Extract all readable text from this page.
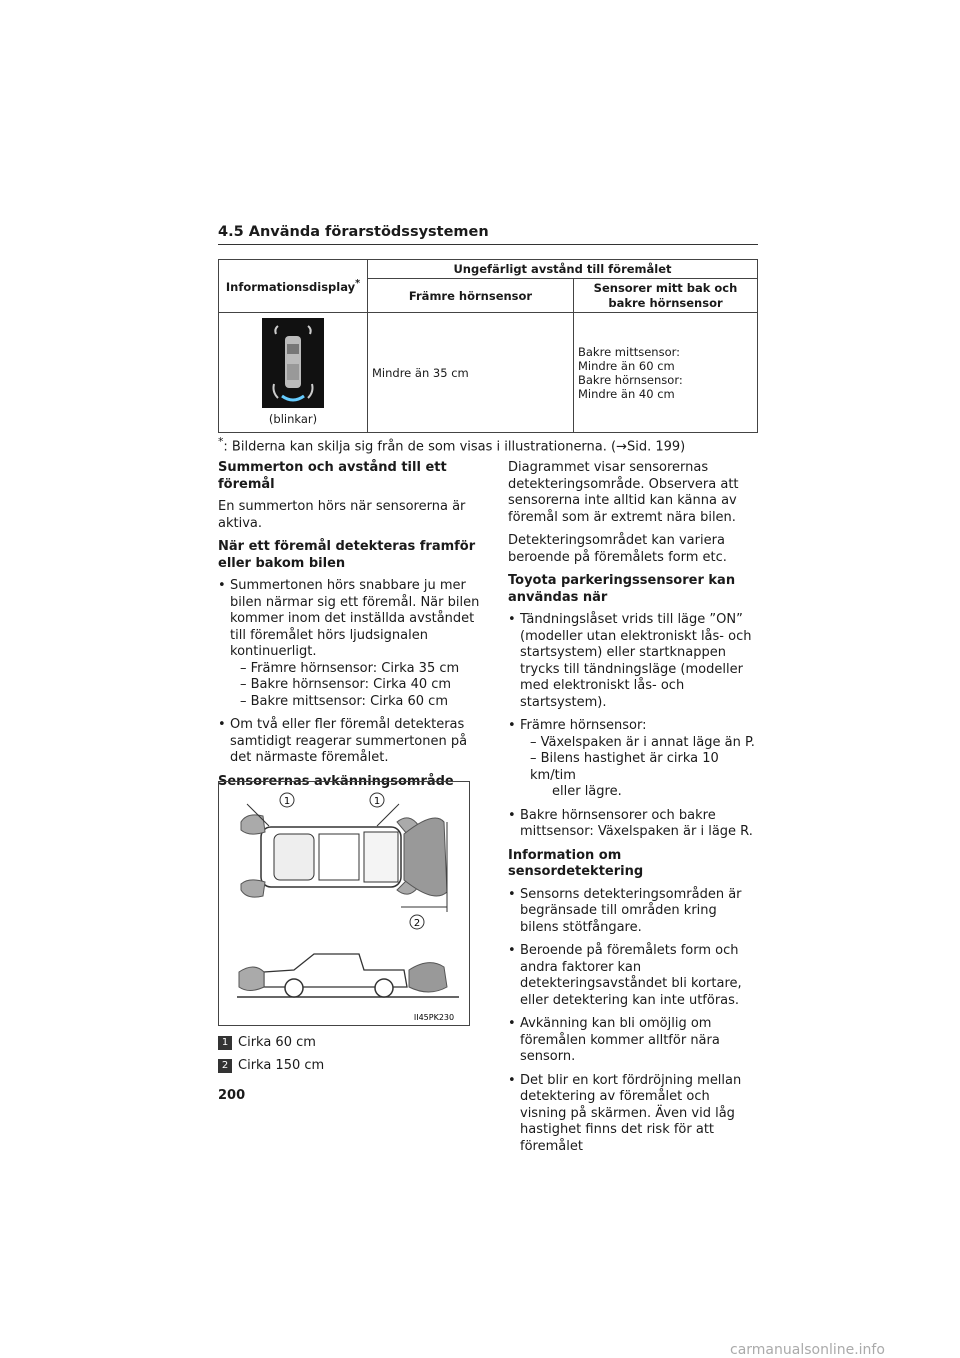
4.5 Använda förarstödssystemen
Informationsdisplay*	Ungefärligt avstånd till föremålet	
	Främre hörnsensor	Sensorer mitt bak och bakre hörnsensor

(blinkar)	Mindre än 35 cm	Bakre mittsensor:
Mindre än 60 cm
Bakre hörnsensor:
Mindre än 40 cm
*: Bilderna kan skilja sig från de som visas i illustrationerna. (→Sid. 199)
Summerton och avstånd till ett föremål

En summerton hörs när sensorerna är aktiva.

När ett föremål detekteras framför eller bakom bilen
• Summertonen hörs snabbare ju mer bilen närmar sig ett föremål. När bilen kommer inom det inställda avståndet till föremålet hörs ljudsignalen kontinuerligt.
– Främre hörnsensor: Cirka 35 cm
– Bakre hörnsensor: Cirka 40 cm
– Bakre mittsensor: Cirka 60 cm
• Om två eller fler föremål detekteras samtidigt reagerar summertonen på det närmaste föremålet.
Sensorernas avkänningsområde
1	1
2
II45PK230
1 Cirka 60 cm
2 Cirka 150 cm

Diagrammet visar sensorernas detekteringsområde. Observera att sensorerna inte alltid kan känna av föremål som är extremt nära bilen.

Detekteringsområdet kan variera beroende på föremålets form etc.

Toyota parkeringssensorer kan användas när
• Tändningslåset vrids till läge ”ON” (modeller utan elektroniskt lås- och startsystem) eller startknappen trycks till tändningsläge (modeller med elektroniskt lås- och startsystem).
• Främre hörnsensor:
– Växelspaken är i annat läge än P.
– Bilens hastighet är cirka 10 km/tim
eller lägre.
• Bakre hörnsensorer och bakre mittsensor: Växelspaken är i läge R.
Information om sensordetektering
• Sensorns detekteringsområden är begränsade till områden kring bilens stötfångare.
• Beroende på föremålets form och andra faktorer kan detekteringsavståndet bli kortare, eller detektering kan inte utföras.
• Avkänning kan bli omöjlig om föremålen kommer alltför nära sensorn.
• Det blir en kort fördröjning mellan detektering av föremålet och visning på skärmen. Även vid låg hastighet finns det risk för att föremålet
200
carmanualsonline.info
